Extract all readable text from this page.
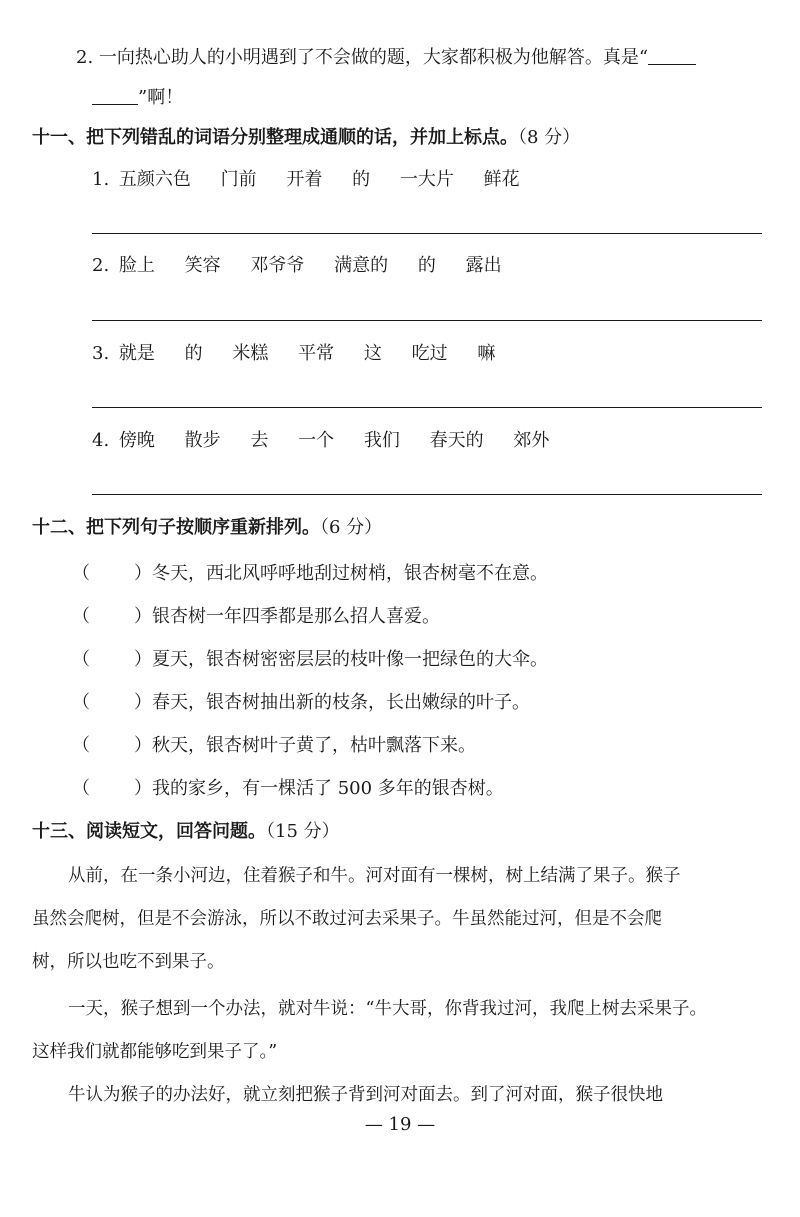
2. 一向热心助人的小明遇到了不会做的题，大家都积极为他解答。真是“
”啊！
十一、把下列错乱的词语分别整理成通顺的话，并加上标点。（8 分）
1. 五颜六色 门前 开着 的 一大片 鲜花
2. 脸上 笑容 邓爷爷 满意的 的 露出
3. 就是 的 米糕 平常 这 吃过 嘛
4. 傍晚 散步 去 一个 我们 春天的 郊外
十二、把下列句子按顺序重新排列。（6 分）
（ ）冬天，西北风呼呼地刮过树梢，银杏树毫不在意。
（ ）银杏树一年四季都是那么招人喜爱。
（ ）夏天，银杏树密密层层的枝叶像一把绿色的大伞。
（ ）春天，银杏树抽出新的枝条，长出嫩绿的叶子。
（ ）秋天，银杏树叶子黄了，枯叶飘落下来。
（ ）我的家乡，有一棵活了 500 多年的银杏树。
十三、阅读短文，回答问题。（15 分）
从前，在一条小河边，住着猴子和牛。河对面有一棵树，树上结满了果子。猴子
虽然会爬树，但是不会游泳，所以不敢过河去采果子。牛虽然能过河，但是不会爬
树，所以也吃不到果子。
一天，猴子想到一个办法，就对牛说：“牛大哥，你背我过河，我爬上树去采果子。
这样我们就都能够吃到果子了。”
牛认为猴子的办法好，就立刻把猴子背到河对面去。到了河对面，猴子很快地
— 19 —
